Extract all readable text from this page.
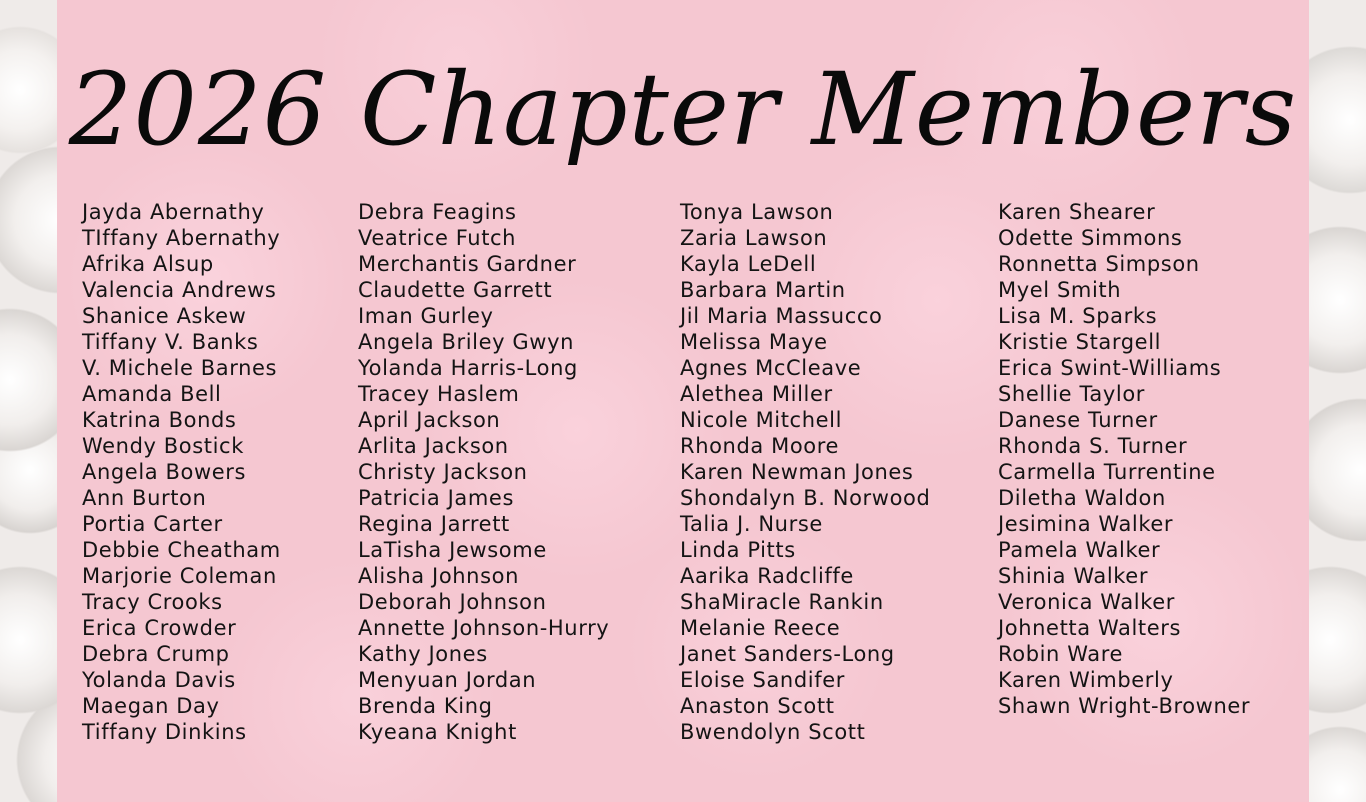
2026 Chapter Members
Jayda Abernathy
TIffany Abernathy
Afrika Alsup
Valencia Andrews
Shanice Askew
Tiffany V. Banks
V. Michele Barnes
Amanda Bell
Katrina Bonds
Wendy Bostick
Angela Bowers
Ann Burton
Portia Carter
Debbie Cheatham
Marjorie Coleman
Tracy Crooks
Erica Crowder
Debra Crump
Yolanda Davis
Maegan Day
Tiffany Dinkins
Debra Feagins
Veatrice Futch
Merchantis Gardner
Claudette Garrett
Iman Gurley
Angela Briley Gwyn
Yolanda Harris-Long
Tracey Haslem
April Jackson
Arlita Jackson
Christy Jackson
Patricia James
Regina Jarrett
LaTisha Jewsome
Alisha Johnson
Deborah Johnson
Annette Johnson-Hurry
Kathy Jones
Menyuan Jordan
Brenda King
Kyeana Knight
Tonya Lawson
Zaria Lawson
Kayla LeDell
Barbara Martin
Jil Maria Massucco
Melissa Maye
Agnes McCleave
Alethea Miller
Nicole Mitchell
Rhonda Moore
Karen Newman Jones
Shondalyn B. Norwood
Talia J. Nurse
Linda Pitts
Aarika Radcliffe
ShaMiracle Rankin
Melanie Reece
Janet Sanders-Long
Eloise Sandifer
Anaston Scott
Bwendolyn Scott
Karen Shearer
Odette Simmons
Ronnetta Simpson
Myel Smith
Lisa M. Sparks
Kristie Stargell
Erica Swint-Williams
Shellie Taylor
Danese Turner
Rhonda S. Turner
Carmella Turrentine
Diletha Waldon
Jesimina Walker
Pamela Walker
Shinia Walker
Veronica Walker
Johnetta Walters
Robin Ware
Karen Wimberly
Shawn Wright-Browner
